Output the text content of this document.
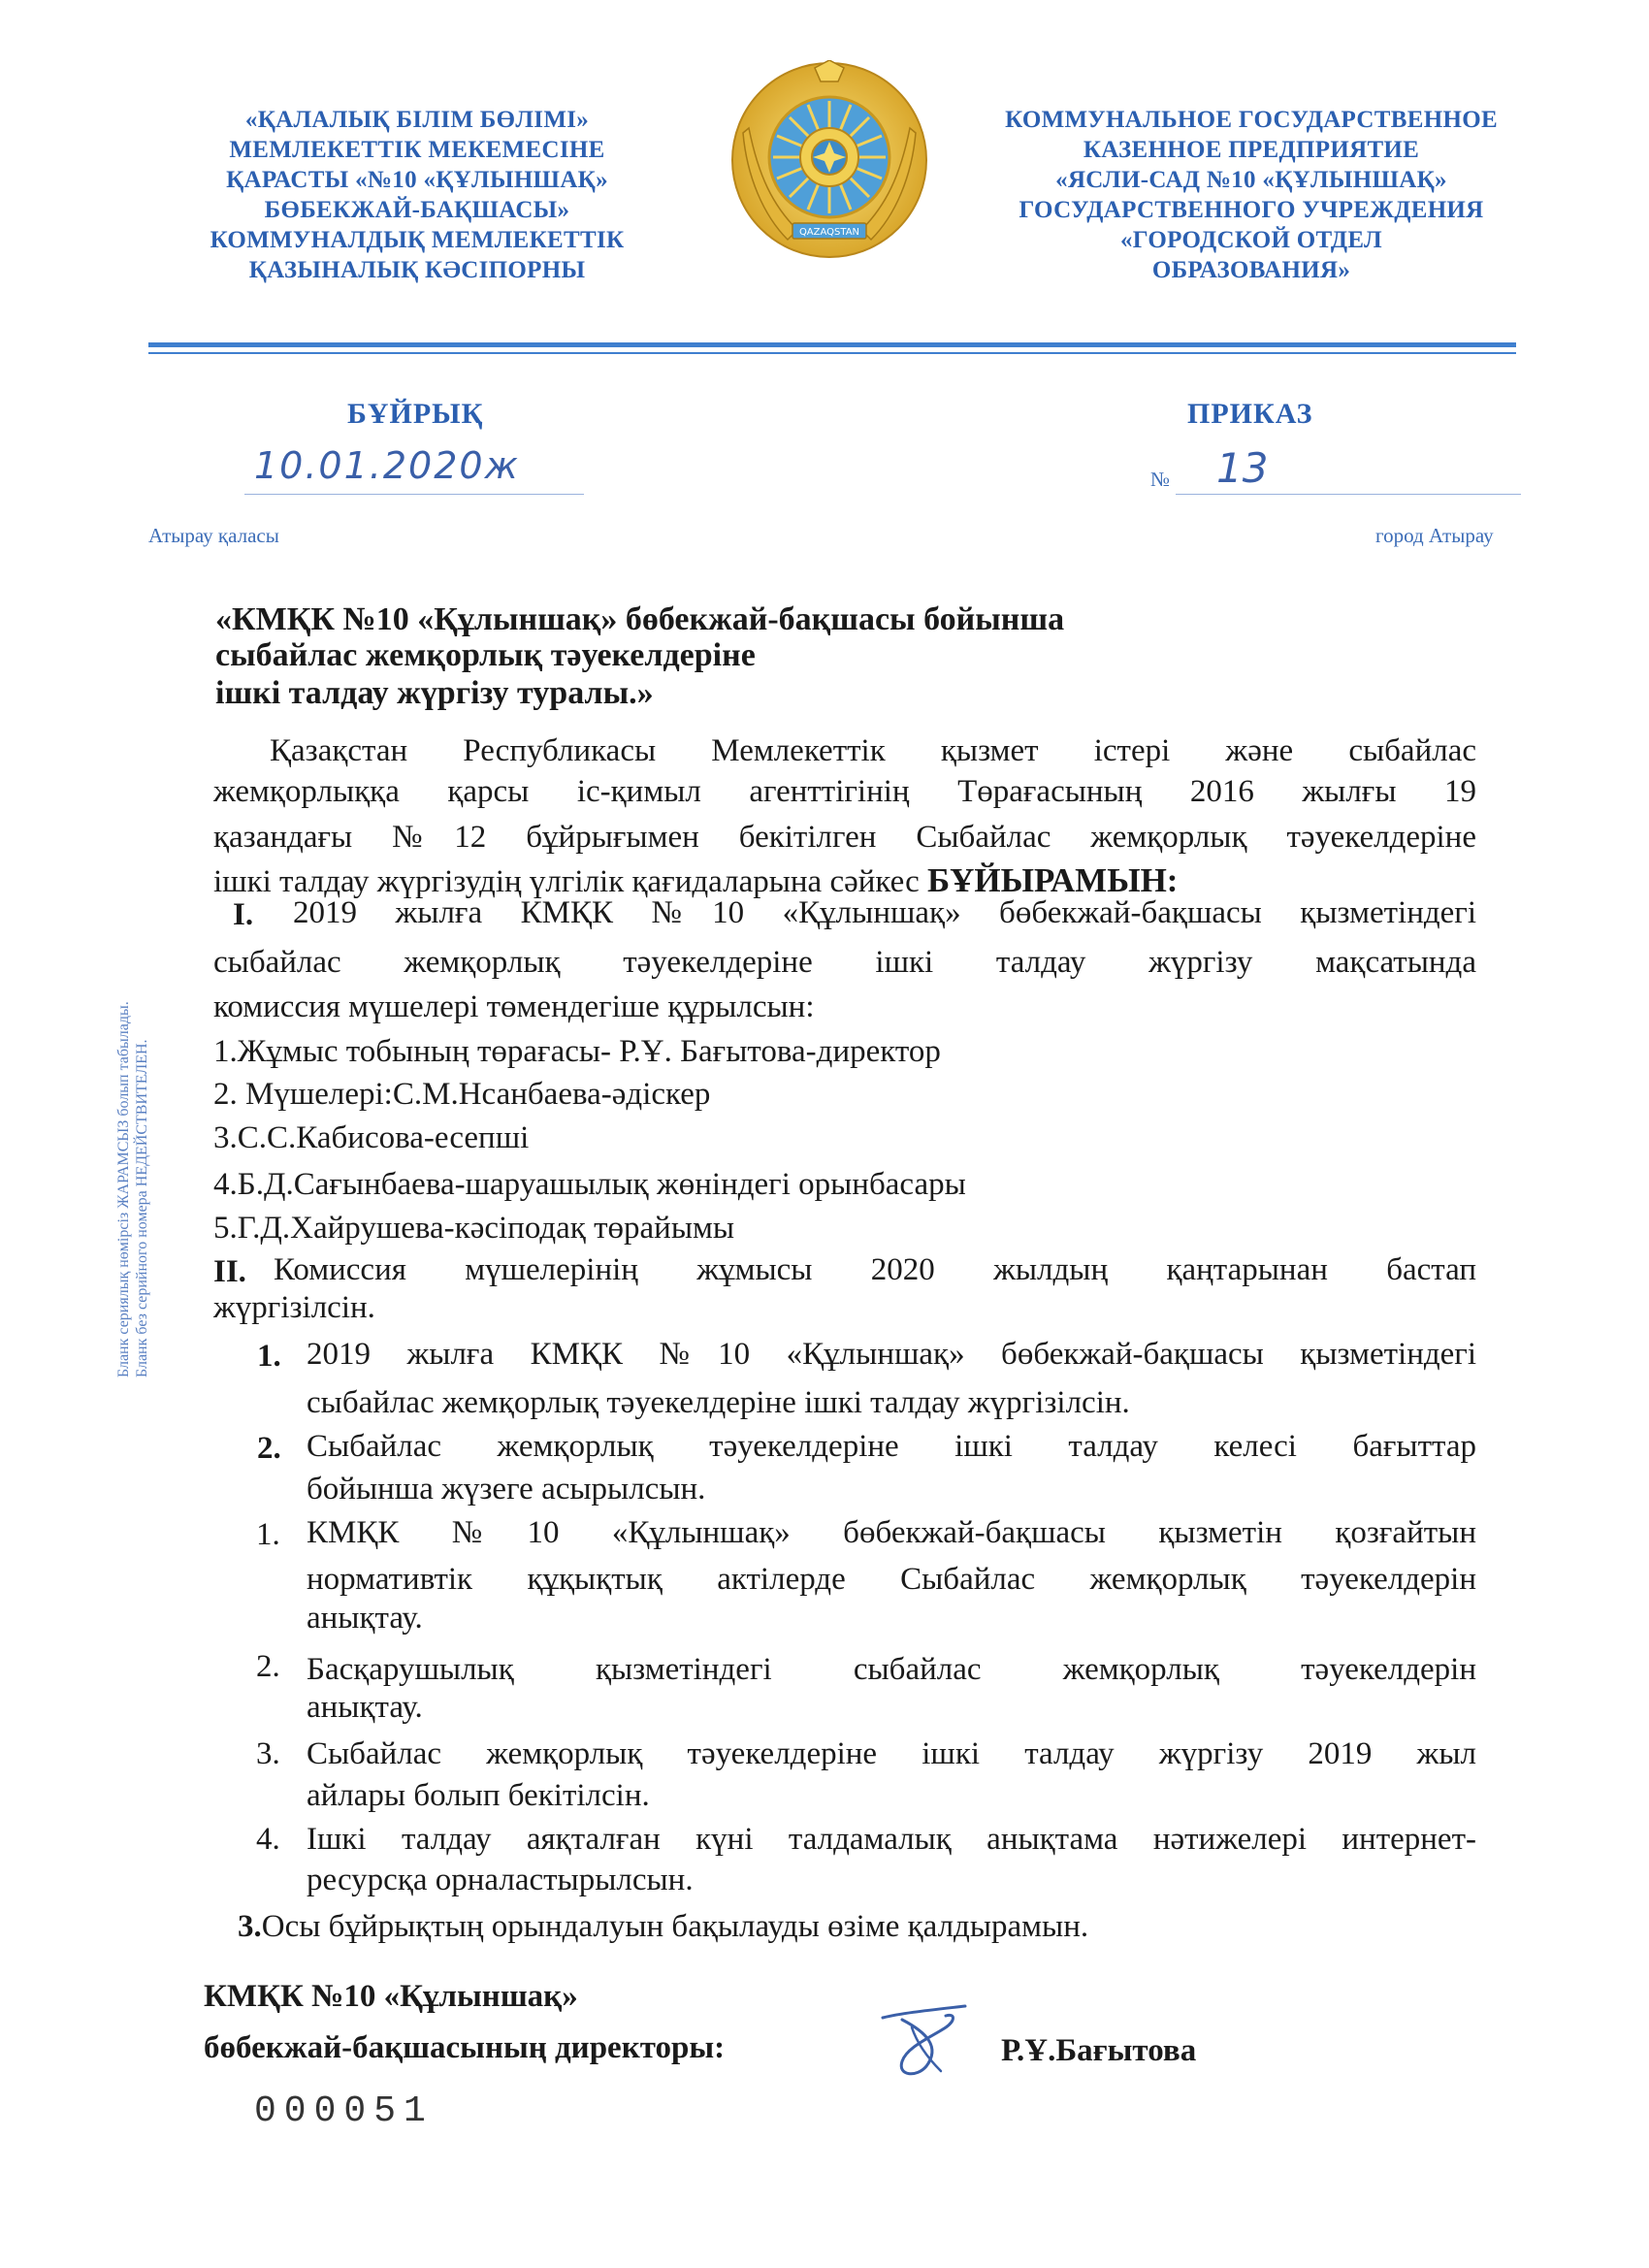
«ҚАЛАЛЫҚ БІЛІМ БӨЛІМІ»
МЕМЛЕКЕТТІК МЕКЕМЕСІНЕ
ҚАРАСТЫ «№10 «ҚҰЛЫНШАҚ»
БӨБЕКЖАЙ-БАҚШАСЫ»
КОММУНАЛДЫҚ МЕМЛЕКЕТТІК
ҚАЗЫНАЛЫҚ КӘСІПОРНЫ
QAZAQSTAN
КОММУНАЛЬНОЕ ГОСУДАРСТВЕННОЕ
КАЗЕННОЕ ПРЕДПРИЯТИЕ
«ЯСЛИ-САД №10 «ҚҰЛЫНШАҚ»
ГОСУДАРСТВЕННОГО УЧРЕЖДЕНИЯ
«ГОРОДСКОЙ ОТДЕЛ
ОБРАЗОВАНИЯ»
БҰЙРЫҚ	ПРИКАЗ
10.01.2020ж	№ 13
Атырау қаласы	город Атырау
Бланк сериялық нөмірсіз ЖАРАМСЫЗ болып табылады. Бланк без серийного номера НЕДЕЙСТВИТЕЛЕН.
«КМҚК №10 «Құлыншақ» бөбекжай-бақшасы бойынша
сыбайлас жемқорлық тәуекелдеріне
ішкі талдау жүргізу туралы.»
Қазақстан Республикасы Мемлекеттік қызмет істері және сыбайлас
жемқорлыққа қарсы іс-қимыл агенттігінің Төрағасының 2016 жылғы 19
қазандағы №12 бұйрығымен бекітілген Сыбайлас жемқорлық тәуекелдеріне
ішкі талдау жүргізудің үлгілік қағидаларына сәйкес БҰЙЫРАМЫН:
I. 2019 жылға КМҚК №10 «Құлыншақ» бөбекжай-бақшасы қызметіндегі
сыбайлас жемқорлық тәуекелдеріне ішкі талдау жүргізу мақсатында
комиссия мүшелері төмендегіше құрылсын:
1.Жұмыс тобының төрағасы- Р.Ұ. Бағытова-директор
2. Мүшелері:С.М.Нсанбаева-әдіскер
3.С.С.Кабисова-есепші
4.Б.Д.Сағынбаева-шаруашылық жөніндегі орынбасары
5.Г.Д.Хайрушева-кәсіподақ төрайымы
II. Комиссия мүшелерінің жұмысы 2020 жылдың қаңтарынан бастап
жүргізілсін.
1. 2019 жылға КМҚК №10 «Құлыншақ» бөбекжай-бақшасы қызметіндегі
сыбайлас жемқорлық тәуекелдеріне ішкі талдау жүргізілсін.
2. Сыбайлас жемқорлық тәуекелдеріне ішкі талдау келесі бағыттар
бойынша жүзеге асырылсын.
1. КМҚК №10 «Құлыншақ» бөбекжай-бақшасы қызметін қозғайтын
нормативтік құқықтық актілерде Сыбайлас жемқорлық тәуекелдерін
анықтау.
2. Басқарушылық қызметіндегі сыбайлас жемқорлық тәуекелдерін
анықтау.
3. Сыбайлас жемқорлық тәуекелдеріне ішкі талдау жүргізу 2019 жыл
айлары болып бекітілсін.
4. Ішкі талдау аяқталған күні талдамалық анықтама нәтижелері интернет-
ресурсқа орналастырылсын.
3.Осы бұйрықтың орындалуын бақылауды өзіме қалдырамын.
КМҚК №10 «Құлыншақ»
бөбекжай-бақшасының директоры:	Р.Ұ.Бағытова
000051
